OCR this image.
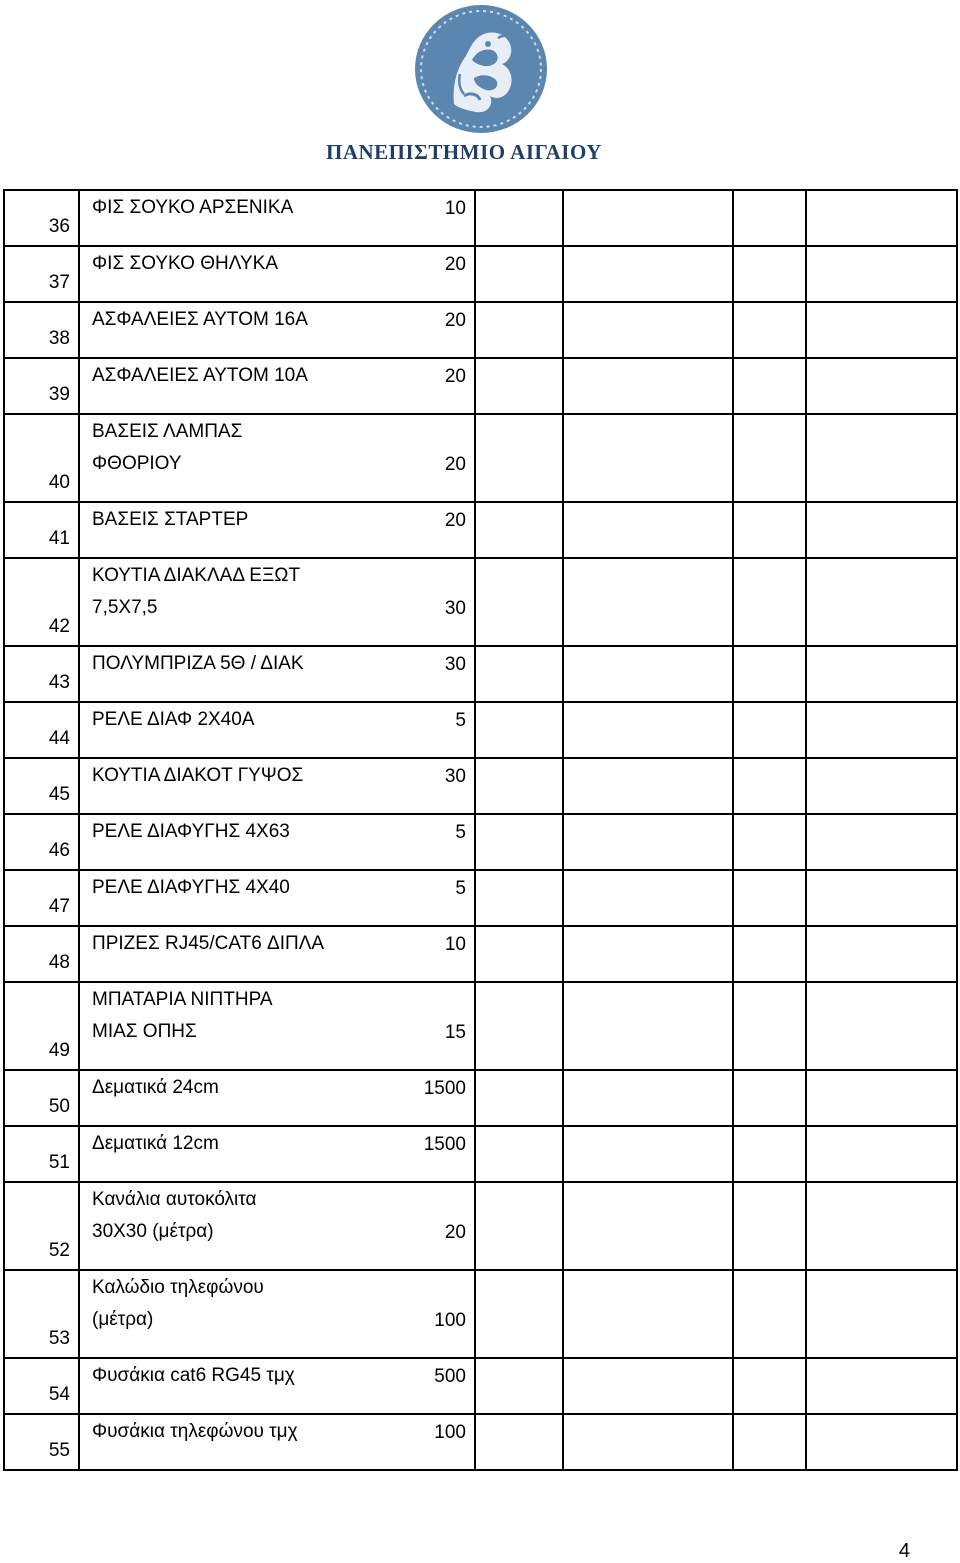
ΠΑΝΕΠΙΣΤΗΜΙΟ ΑΙΓΑΙΟΥ
36	ΦΙΣ ΣΟΥΚΟ ΑΡΣΕΝΙΚΑ	10				
37	ΦΙΣ ΣΟΥΚΟ ΘΗΛΥΚΑ	20				
38	ΑΣΦΑΛΕΙΕΣ ΑΥΤΟΜ 16Α	20				
39	ΑΣΦΑΛΕΙΕΣ ΑΥΤΟΜ 10Α	20				
40	ΒΑΣΕΙΣ ΛΑΜΠΑΣ
ΦΘΟΡΙΟΥ	20				
41	ΒΑΣΕΙΣ ΣΤΑΡΤΕΡ	20				
42	ΚΟΥΤΙΑ ΔΙΑΚΛΑΔ ΕΞΩΤ
7,5Χ7,5	30				
43	ΠΟΛΥΜΠΡΙΖΑ 5Θ / ΔΙΑΚ	30				
44	ΡΕΛΕ ΔΙΑΦ 2Χ40Α	5				
45	ΚΟΥΤΙΑ ΔΙΑΚΟΤ ΓΥΨΟΣ	30				
46	ΡΕΛΕ ΔΙΑΦΥΓΗΣ 4Χ63	5				
47	ΡΕΛΕ ΔΙΑΦΥΓΗΣ 4Χ40	5				
48	ΠΡΙΖΕΣ RJ45/CAT6 ΔΙΠΛΑ	10				
49	ΜΠΑΤΑΡΙΑ ΝΙΠΤΗΡΑ
ΜΙΑΣ ΟΠΗΣ	15				
50	Δεματικά 24cm	1500				
51	Δεματικά 12cm	1500				
52	Κανάλια αυτοκόλιτα
30Χ30 (μέτρα)	20				
53	Καλώδιο τηλεφώνου
(μέτρα)	100				
54	Φυσάκια cat6 RG45 τμχ	500				
55	Φυσάκια τηλεφώνου τμχ	100				
4
